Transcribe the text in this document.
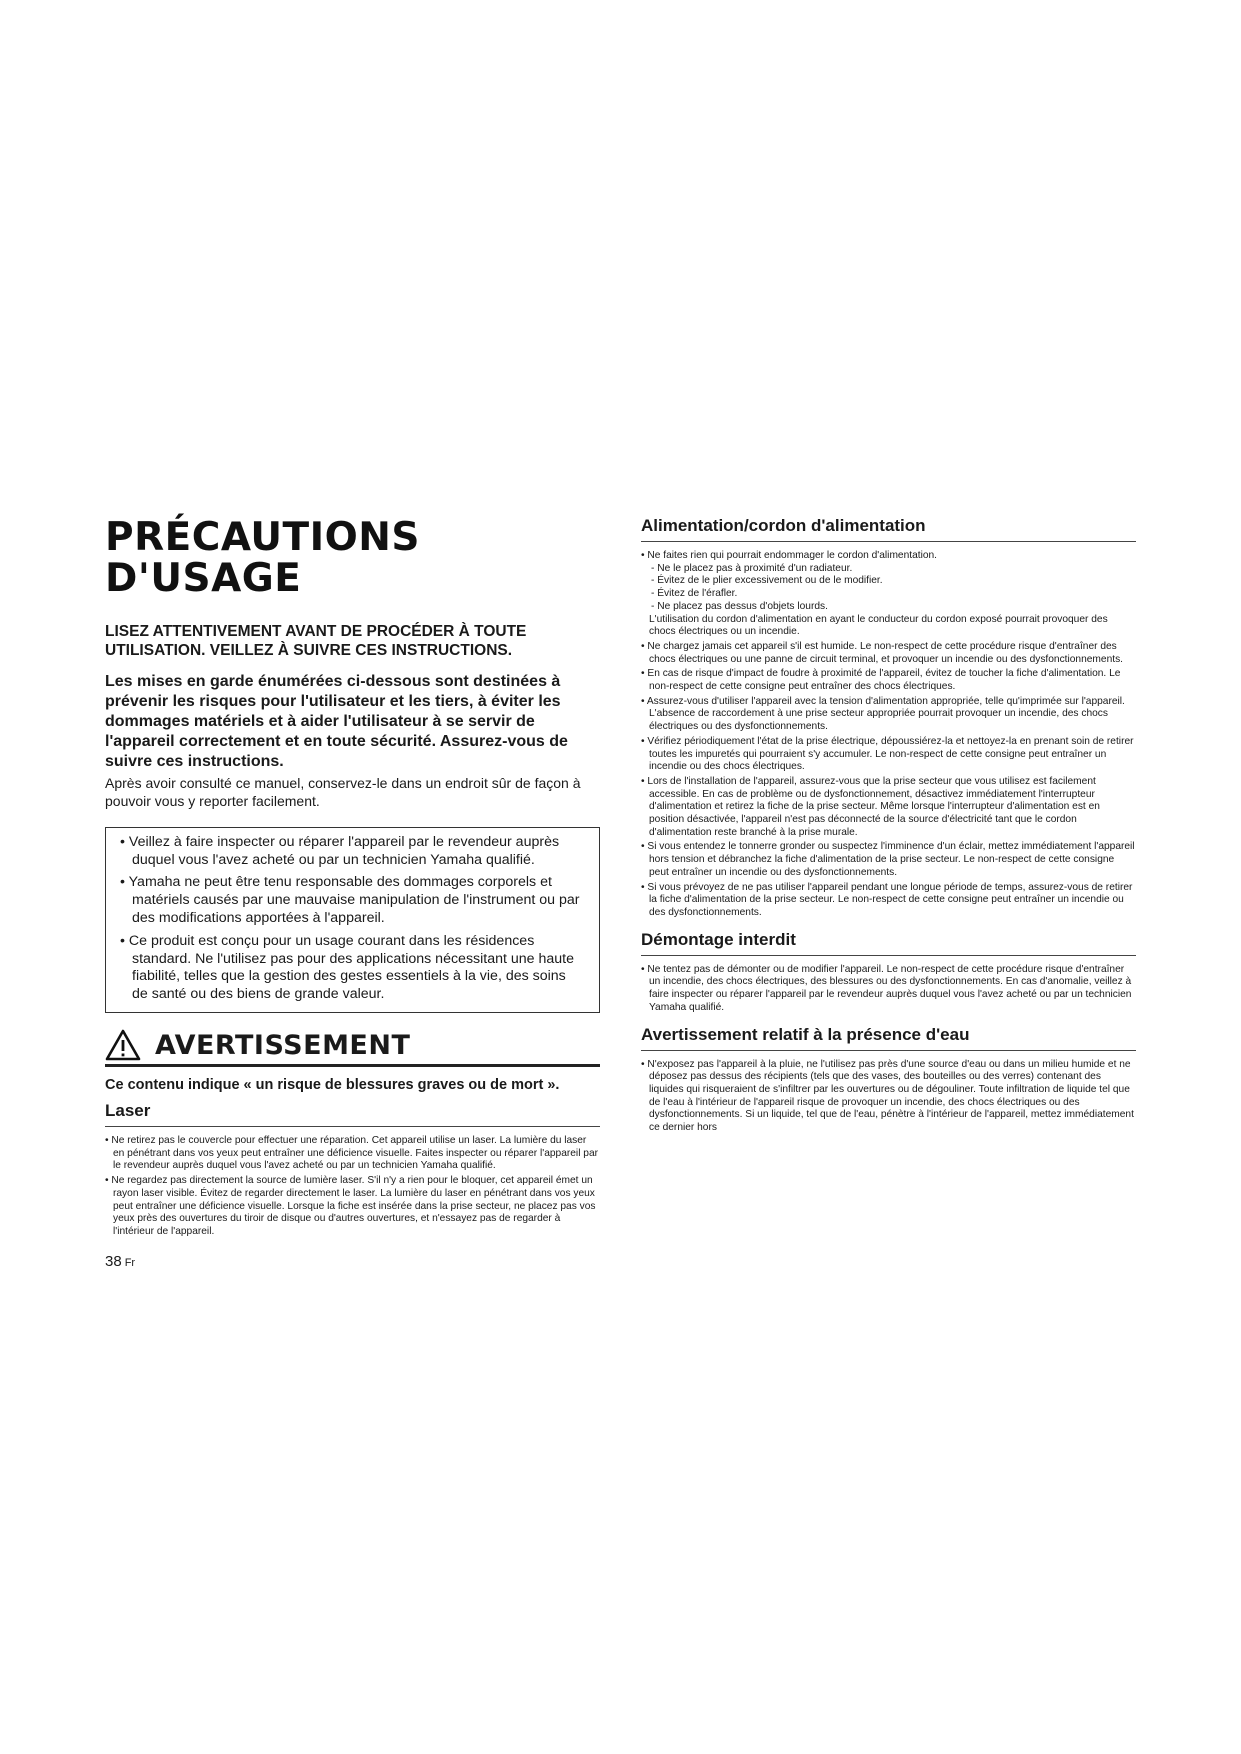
PRÉCAUTIONS D'USAGE

LISEZ ATTENTIVEMENT AVANT DE PROCÉDER À TOUTE UTILISATION. VEILLEZ À SUIVRE CES INSTRUCTIONS.

Les mises en garde énumérées ci-dessous sont destinées à prévenir les risques pour l'utilisateur et les tiers, à éviter les dommages matériels et à aider l'utilisateur à se servir de l'appareil correctement et en toute sécurité. Assurez-vous de suivre ces instructions.

Après avoir consulté ce manuel, conservez-le dans un endroit sûr de façon à pouvoir vous y reporter facilement.

• Veillez à faire inspecter ou réparer l'appareil par le revendeur auprès duquel vous l'avez acheté ou par un technicien Yamaha qualifié.
• Yamaha ne peut être tenu responsable des dommages corporels et matériels causés par une mauvaise manipulation de l'instrument ou par des modifications apportées à l'appareil.
• Ce produit est conçu pour un usage courant dans les résidences standard. Ne l'utilisez pas pour des applications nécessitant une haute fiabilité, telles que la gestion des gestes essentiels à la vie, des soins de santé ou des biens de grande valeur.
AVERTISSEMENT

Ce contenu indique « un risque de blessures graves ou de mort ».

Laser
• Ne retirez pas le couvercle pour effectuer une réparation. Cet appareil utilise un laser. La lumière du laser en pénétrant dans vos yeux peut entraîner une déficience visuelle. Faites inspecter ou réparer l'appareil par le revendeur auprès duquel vous l'avez acheté ou par un technicien Yamaha qualifié.
• Ne regardez pas directement la source de lumière laser. S'il n'y a rien pour le bloquer, cet appareil émet un rayon laser visible. Évitez de regarder directement le laser. La lumière du laser en pénétrant dans vos yeux peut entraîner une déficience visuelle. Lorsque la fiche est insérée dans la prise secteur, ne placez pas vos yeux près des ouvertures du tiroir de disque ou d'autres ouvertures, et n'essayez pas de regarder à l'intérieur de l'appareil.
Alimentation/cordon d'alimentation
• Ne faites rien qui pourrait endommager le cordon d'alimentation.
- Ne le placez pas à proximité d'un radiateur.
- Évitez de le plier excessivement ou de le modifier.
- Évitez de l'érafler.
- Ne placez pas dessus d'objets lourds.
L'utilisation du cordon d'alimentation en ayant le conducteur du cordon exposé pourrait provoquer des chocs électriques ou un incendie.
• Ne chargez jamais cet appareil s'il est humide. Le non-respect de cette procédure risque d'entraîner des chocs électriques ou une panne de circuit terminal, et provoquer un incendie ou des dysfonctionnements.
• En cas de risque d'impact de foudre à proximité de l'appareil, évitez de toucher la fiche d'alimentation. Le non-respect de cette consigne peut entraîner des chocs électriques.
• Assurez-vous d'utiliser l'appareil avec la tension d'alimentation appropriée, telle qu'imprimée sur l'appareil. L'absence de raccordement à une prise secteur appropriée pourrait provoquer un incendie, des chocs électriques ou des dysfonctionnements.
• Vérifiez périodiquement l'état de la prise électrique, dépoussiérez-la et nettoyez-la en prenant soin de retirer toutes les impuretés qui pourraient s'y accumuler. Le non-respect de cette consigne peut entraîner un incendie ou des chocs électriques.
• Lors de l'installation de l'appareil, assurez-vous que la prise secteur que vous utilisez est facilement accessible. En cas de problème ou de dysfonctionnement, désactivez immédiatement l'interrupteur d'alimentation et retirez la fiche de la prise secteur. Même lorsque l'interrupteur d'alimentation est en position désactivée, l'appareil n'est pas déconnecté de la source d'électricité tant que le cordon d'alimentation reste branché à la prise murale.
• Si vous entendez le tonnerre gronder ou suspectez l'imminence d'un éclair, mettez immédiatement l'appareil hors tension et débranchez la fiche d'alimentation de la prise secteur. Le non-respect de cette consigne peut entraîner un incendie ou des dysfonctionnements.
• Si vous prévoyez de ne pas utiliser l'appareil pendant une longue période de temps, assurez-vous de retirer la fiche d'alimentation de la prise secteur. Le non-respect de cette consigne peut entraîner un incendie ou des dysfonctionnements.
Démontage interdit
• Ne tentez pas de démonter ou de modifier l'appareil. Le non-respect de cette procédure risque d'entraîner un incendie, des chocs électriques, des blessures ou des dysfonctionnements. En cas d'anomalie, veillez à faire inspecter ou réparer l'appareil par le revendeur auprès duquel vous l'avez acheté ou par un technicien Yamaha qualifié.
Avertissement relatif à la présence d'eau
• N'exposez pas l'appareil à la pluie, ne l'utilisez pas près d'une source d'eau ou dans un milieu humide et ne déposez pas dessus des récipients (tels que des vases, des bouteilles ou des verres) contenant des liquides qui risqueraient de s'infiltrer par les ouvertures ou de dégouliner. Toute infiltration de liquide tel que de l'eau à l'intérieur de l'appareil risque de provoquer un incendie, des chocs électriques ou des dysfonctionnements. Si un liquide, tel que de l'eau, pénètre à l'intérieur de l'appareil, mettez immédiatement ce dernier hors
38 Fr
